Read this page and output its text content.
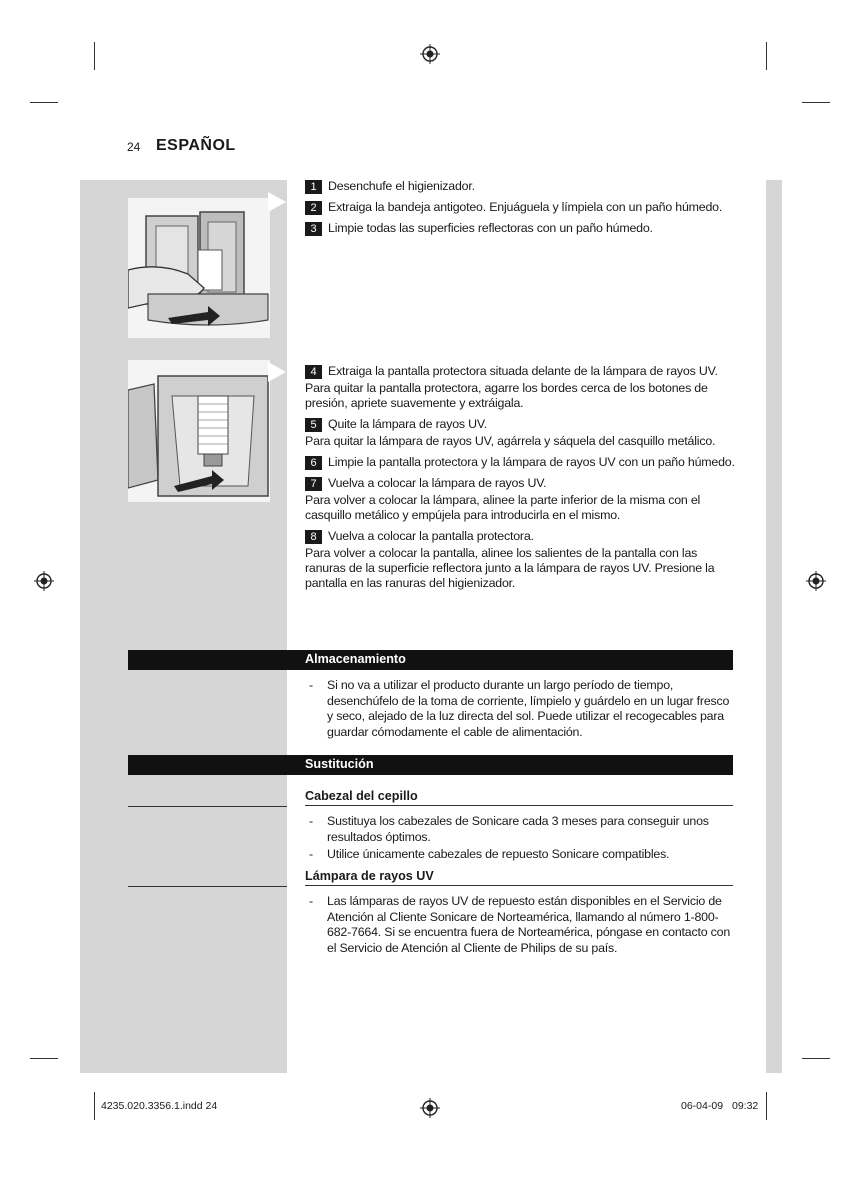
24 ESPAÑOL
1 Desenchufe el higienizador.
2 Extraiga la bandeja antigoteo. Enjuáguela y límpiela con un paño húmedo.
3 Limpie todas las superficies reflectoras con un paño húmedo.
4 Extraiga la pantalla protectora situada delante de la lámpara de rayos UV.
Para quitar la pantalla protectora, agarre los bordes cerca de los botones de presión, apriete suavemente y extráigala.
5 Quite la lámpara de rayos UV.
Para quitar la lámpara de rayos UV, agárrela y sáquela del casquillo metálico.
6 Limpie la pantalla protectora y la lámpara de rayos UV con un paño húmedo.
7 Vuelva a colocar la lámpara de rayos UV.
Para volver a colocar la lámpara, alinee la parte inferior de la misma con el casquillo metálico y empújela para introducirla en el mismo.
8 Vuelva a colocar la pantalla protectora.
Para volver a colocar la pantalla, alinee los salientes de la pantalla con las ranuras de la superficie reflectora junto a la lámpara de rayos UV. Presione la pantalla en las ranuras del higienizador.
Almacenamiento
-	Si no va a utilizar el producto durante un largo período de tiempo, desenchúfelo de la toma de corriente, límpielo y guárdelo en un lugar fresco y seco, alejado de la luz directa del sol. Puede utilizar el recogecables para guardar cómodamente el cable de alimentación.
Sustitución
Cabezal del cepillo
-	Sustituya los cabezales de Sonicare cada 3 meses para conseguir unos resultados óptimos.
-	Utilice únicamente cabezales de repuesto Sonicare compatibles.
Lámpara de rayos UV
-	Las lámparas de rayos UV de repuesto están disponibles en el Servicio de Atención al Cliente Sonicare de Norteamérica, llamando al número 1-800-682-7664. Si se encuentra fuera de Norteamérica, póngase en contacto con el Servicio de Atención al Cliente de Philips de su país.
4235.020.3356.1.indd 24	06-04-09 09:32
